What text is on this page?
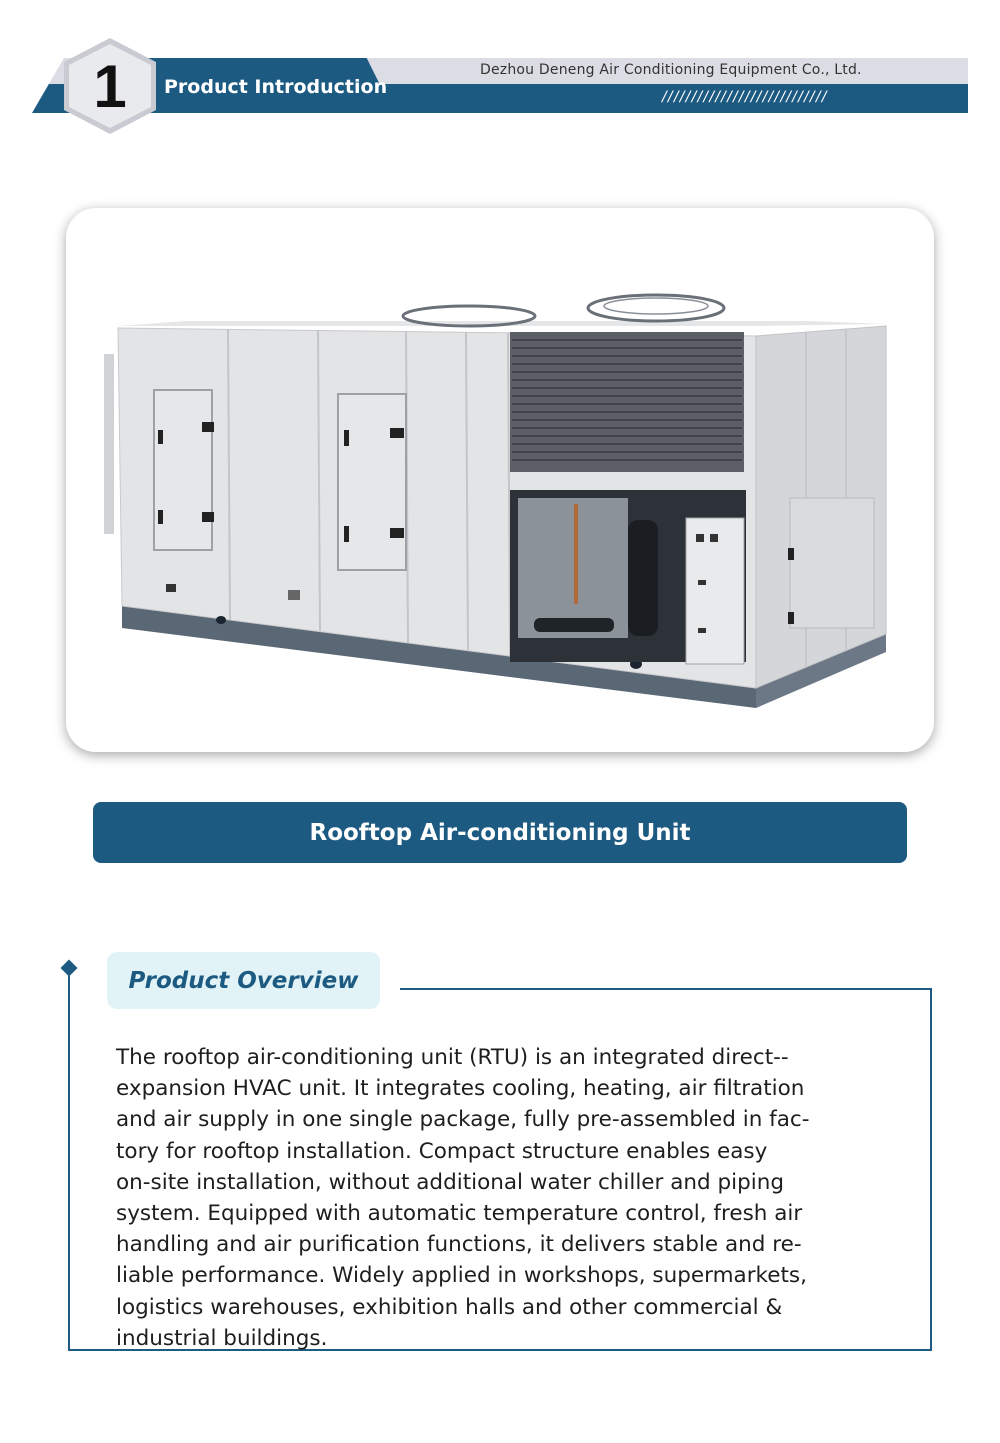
Product Introduction
Dezhou Deneng Air Conditioning Equipment Co., Ltd.
////////////////////////////
1
Rooftop Air-conditioning Unit
Product Overview
The rooftop air-conditioning unit (RTU) is an integrated direct--
expansion HVAC unit. It integrates cooling, heating, air filtration
and air supply in one single package, fully pre-assembled in fac-
tory for rooftop installation. Compact structure enables easy
on-site installation, without additional water chiller and piping
system. Equipped with automatic temperature control, fresh air
handling and air purification functions, it delivers stable and re-
liable performance. Widely applied in workshops, supermarkets,
logistics warehouses, exhibition halls and other commercial &
industrial buildings.
